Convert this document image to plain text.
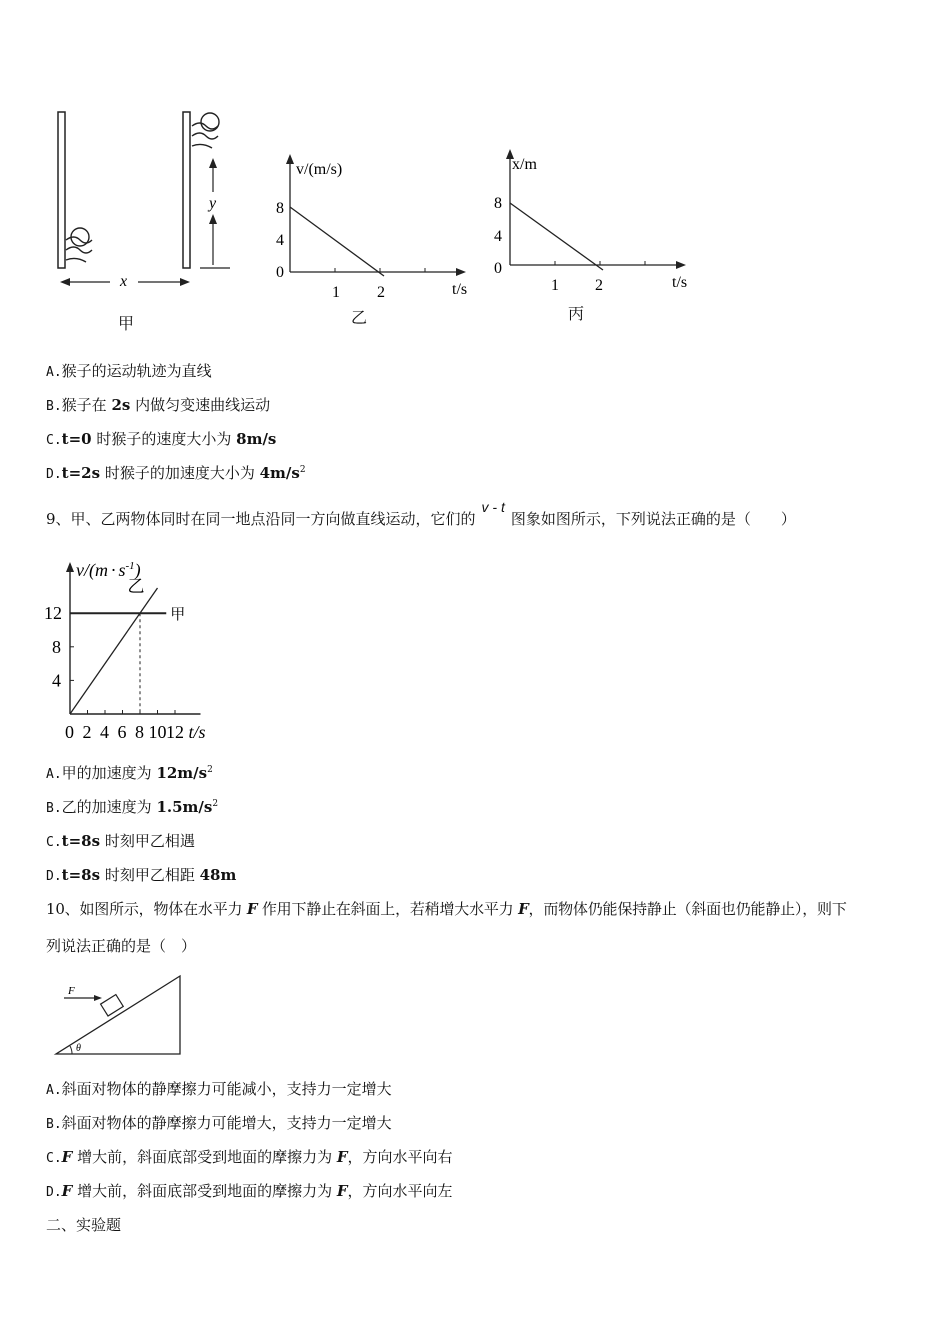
y
x
甲
v/(m/s)
t/s
8
4
0
1 2
乙
x/m
t/s
8
4
0
1 2
丙
A.猴子的运动轨迹为直线
B.猴子在 2s 内做匀变速曲线运动
C.t=0 时猴子的速度大小为 8m/s
D.t=2s 时猴子的加速度大小为 $4m/s^2$
9、甲、乙两物体同时在同一地点沿同一方向做直线运动，它们的v - t图象如图所示，下列说法正确的是（　　）
$v/(m \cdot s^{-1})$
t/s
0 2 4 6 8 10 12
12
8
4
甲
乙
A.甲的加速度为 $12m/s^2$
B.乙的加速度为 $1.5m/s^2$
C.t=8s 时刻甲乙相遇
D.t=8s 时刻甲乙相距 48m
10、如图所示，物体在水平力 F 作用下静止在斜面上，若稍增大水平力 F，而物体仍能保持静止（斜面也仍能静止），则下
列说法正确的是（　）
F
θ
A.斜面对物体的静摩擦力可能减小，支持力一定增大
B.斜面对物体的静摩擦力可能增大，支持力一定增大
C.F 增大前，斜面底部受到地面的摩擦力为 F，方向水平向右
D.F 增大前，斜面底部受到地面的摩擦力为 F，方向水平向左
二、实验题
